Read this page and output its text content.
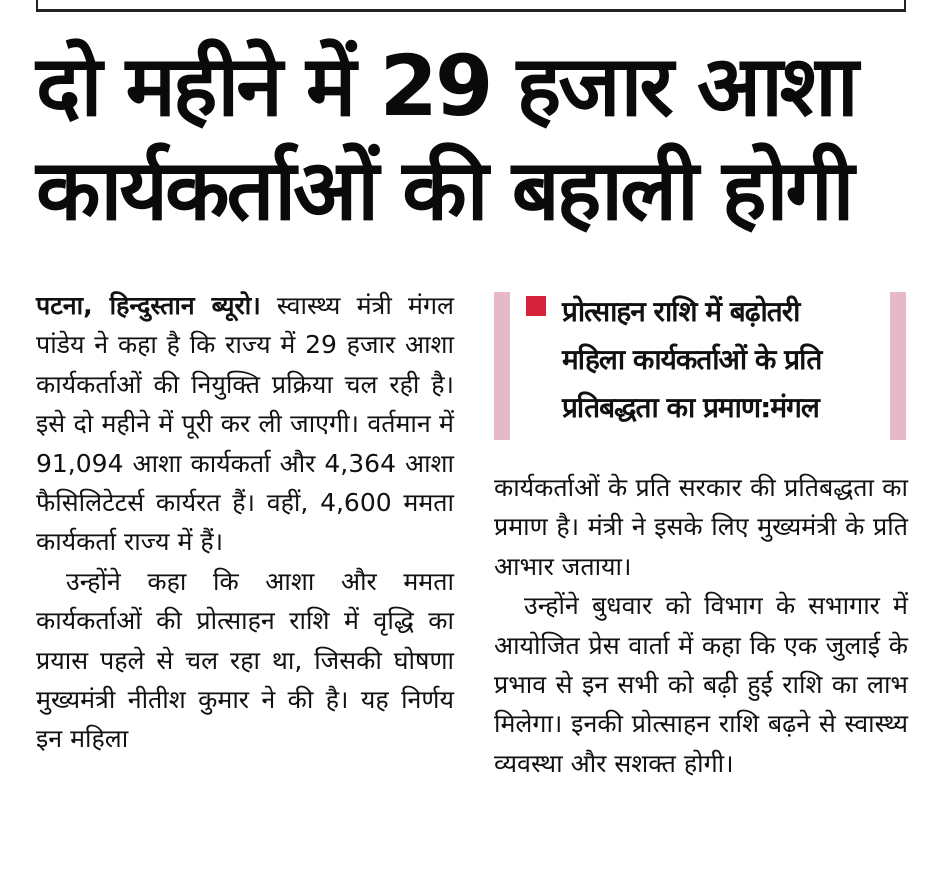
दो महीने में 29 हजार आशा
कार्यकर्ताओं की बहाली होगी

पटना, हिन्दुस्तान ब्यूरो। स्वास्थ्य मंत्री मंगल पांडेय ने कहा है कि राज्य में 29 हजार आशा कार्यकर्ताओं की नियुक्ति प्रक्रिया चल रही है। इसे दो महीने में पूरी कर ली जाएगी। वर्तमान में 91,094 आशा कार्यकर्ता और 4,364 आशा फैसिलिटेटर्स कार्यरत हैं। वहीं, 4,600 ममता कार्यकर्ता राज्य में हैं।

उन्होंने कहा कि आशा और ममता कार्यकर्ताओं की प्रोत्साहन राशि में वृद्धि का प्रयास पहले से चल रहा था, जिसकी घोषणा मुख्यमंत्री नीतीश कुमार ने की है। यह निर्णय इन महिला

प्रोत्साहन राशि में बढ़ोतरी
महिला कार्यकर्ताओं के प्रति
प्रतिबद्धता का प्रमाण:मंगल

कार्यकर्ताओं के प्रति सरकार की प्रतिबद्धता का प्रमाण है। मंत्री ने इसके लिए मुख्यमंत्री के प्रति आभार जताया।

उन्होंने बुधवार को विभाग के सभागार में आयोजित प्रेस वार्ता में कहा कि एक जुलाई के प्रभाव से इन सभी को बढ़ी हुई राशि का लाभ मिलेगा। इनकी प्रोत्साहन राशि बढ़ने से स्वास्थ्य व्यवस्था और सशक्त होगी।
